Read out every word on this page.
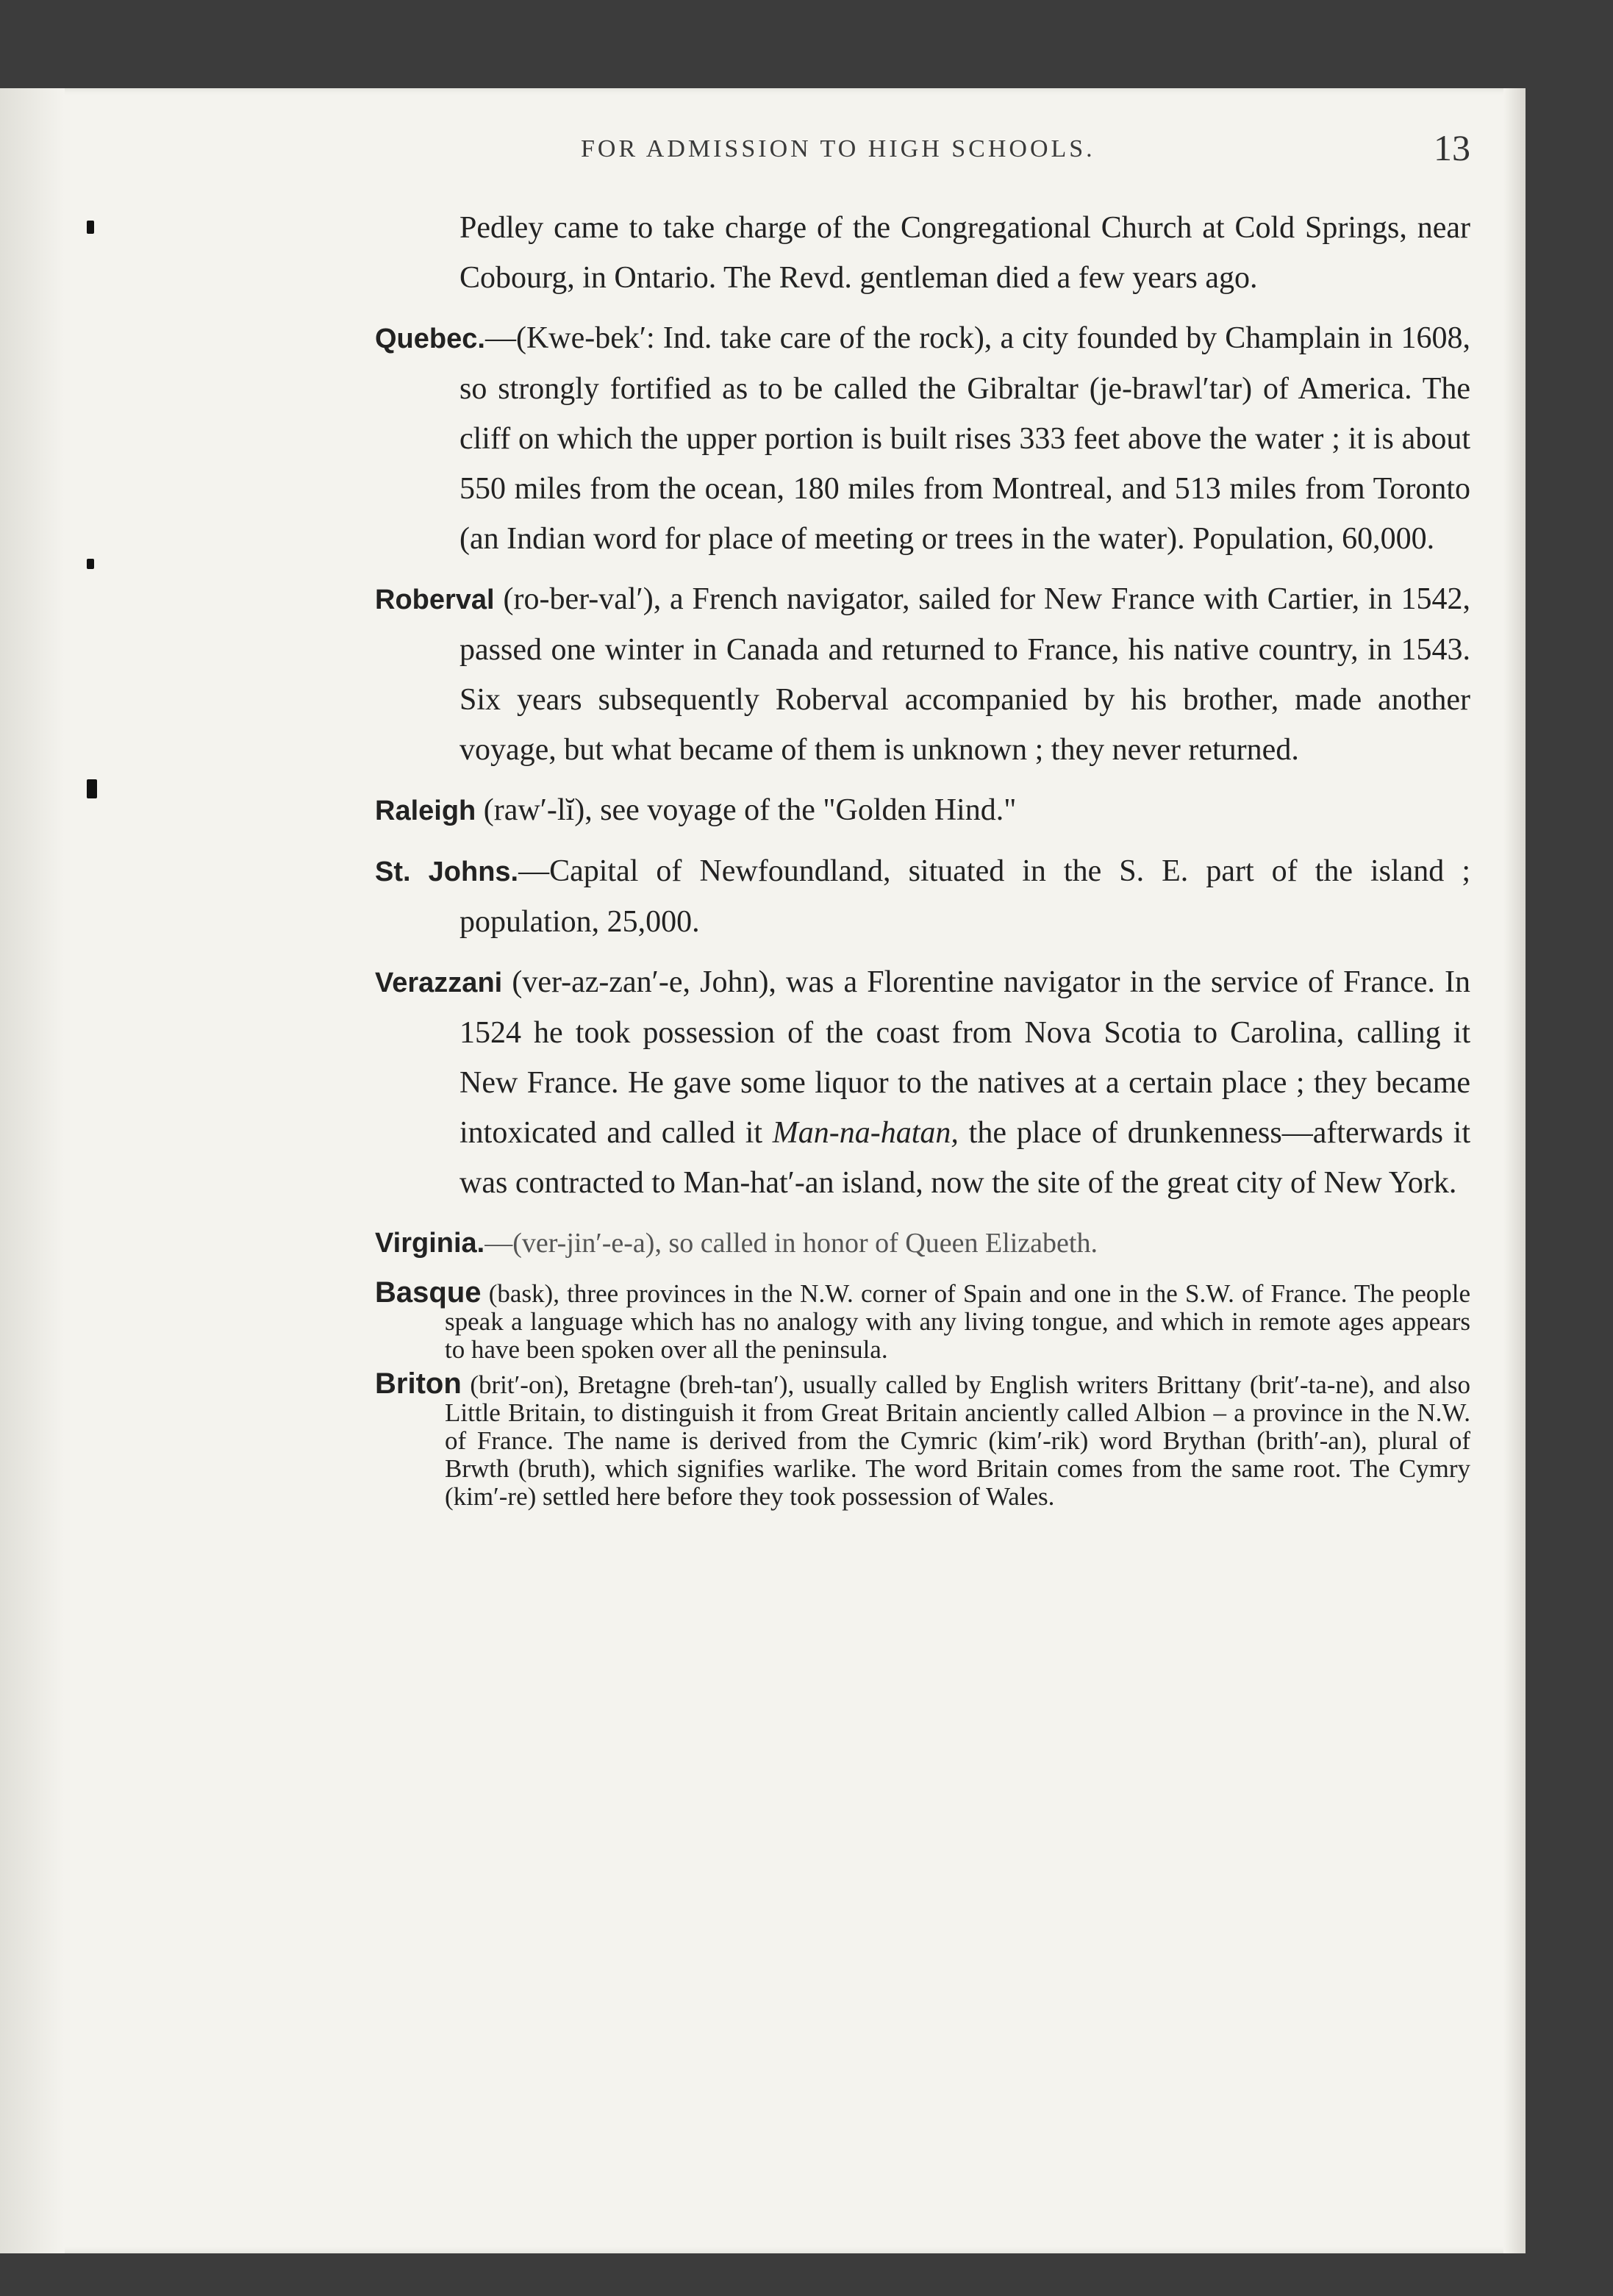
FOR ADMISSION TO HIGH SCHOOLS.	13

Pedley came to take charge of the Congregational Church at Cold Springs, near Cobourg, in Ontario. The Revd. gentleman died a few years ago.

Quebec.—(Kwe-bek′: Ind. take care of the rock), a city founded by Champlain in 1608, so strongly fortified as to be called the Gibraltar (je-brawl′tar) of America. The cliff on which the upper portion is built rises 333 feet above the water ; it is about 550 miles from the ocean, 180 miles from Montreal, and 513 miles from Toronto (an Indian word for place of meeting or trees in the water). Population, 60,000.

Roberval (ro-ber-val′), a French navigator, sailed for New France with Cartier, in 1542, passed one winter in Canada and returned to France, his native country, in 1543. Six years subsequently Roberval accompanied by his brother, made another voyage, but what became of them is unknown ; they never returned.

Raleigh (raw′-lĭ), see voyage of the "Golden Hind."

St. Johns.—Capital of Newfoundland, situated in the S. E. part of the island ; population, 25,000.

Verazzani (ver-az-zan′-e, John), was a Florentine navigator in the service of France. In 1524 he took possession of the coast from Nova Scotia to Carolina, calling it New France. He gave some liquor to the natives at a certain place ; they became intoxicated and called it Man-na-hatan, the place of drunkenness—afterwards it was contracted to Man-hat′-an island, now the site of the great city of New York.

Virginia.—(ver-jin′-e-a), so called in honor of Queen Elizabeth.

Basque (bask), three provinces in the N.W. corner of Spain and one in the S.W. of France. The people speak a language which has no analogy with any living tongue, and which in remote ages appears to have been spoken over all the peninsula.

Briton (brit′-on), Bretagne (breh-tan′), usually called by English writers Brittany (brit′-ta-ne), and also Little Britain, to distinguish it from Great Britain anciently called Albion – a province in the N.W. of France. The name is derived from the Cymric (kim′-rik) word Brythan (brith′-an), plural of Brwth (bruth), which signifies warlike. The word Britain comes from the same root. The Cymry (kim′-re) settled here before they took possession of Wales.
